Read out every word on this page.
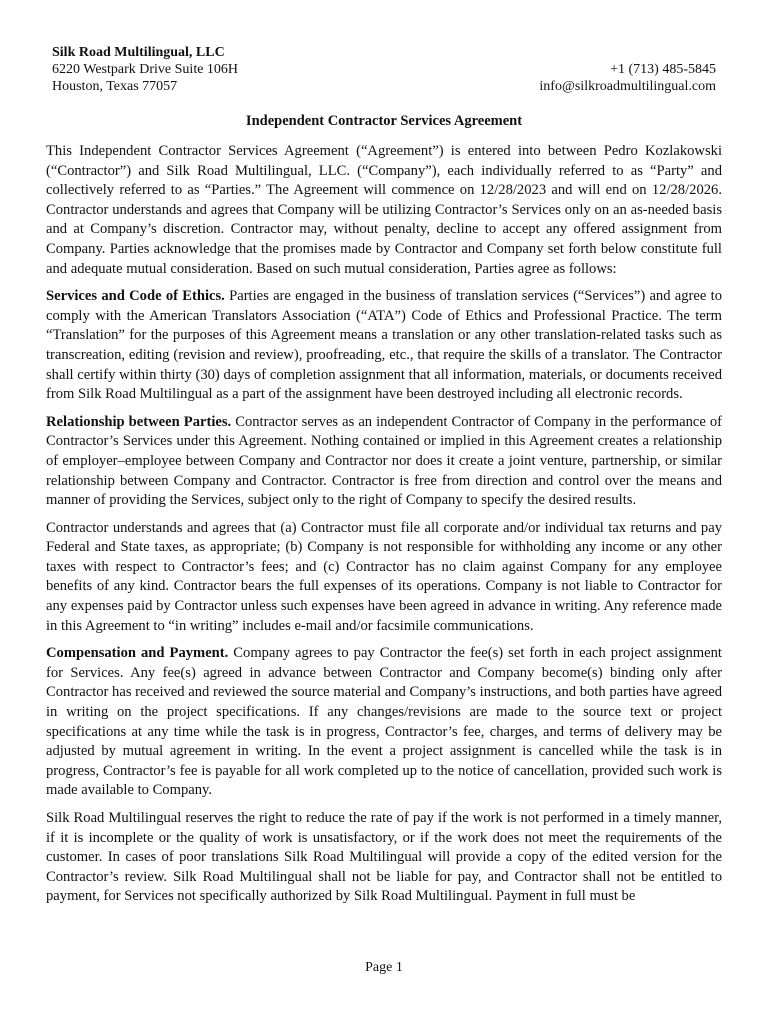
Silk Road Multilingual, LLC
6220 Westpark Drive Suite 106H	+1 (713) 485-5845
Houston, Texas 77057	info@silkroadmultilingual.com
Independent Contractor Services Agreement

This Independent Contractor Services Agreement (“Agreement”) is entered into between Pedro Kozlakowski (“Contractor”) and Silk Road Multilingual, LLC. (“Company”), each individually referred to as “Party” and collectively referred to as “Parties.” The Agreement will commence on 12/28/2023 and will end on 12/28/2026. Contractor understands and agrees that Company will be utilizing Contractor’s Services only on an as-needed basis and at Company’s discretion. Contractor may, without penalty, decline to accept any offered assignment from Company. Parties acknowledge that the promises made by Contractor and Company set forth below constitute full and adequate mutual consideration. Based on such mutual consideration, Parties agree as follows:

Services and Code of Ethics. Parties are engaged in the business of translation services (“Services”) and agree to comply with the American Translators Association (“ATA”) Code of Ethics and Professional Practice. The term “Translation” for the purposes of this Agreement means a translation or any other translation-related tasks such as transcreation, editing (revision and review), proofreading, etc., that require the skills of a translator. The Contractor shall certify within thirty (30) days of completion assignment that all information, materials, or documents received from Silk Road Multilingual as a part of the assignment have been destroyed including all electronic records.

Relationship between Parties. Contractor serves as an independent Contractor of Company in the performance of Contractor’s Services under this Agreement. Nothing contained or implied in this Agreement creates a relationship of employer–employee between Company and Contractor nor does it create a joint venture, partnership, or similar relationship between Company and Contractor. Contractor is free from direction and control over the means and manner of providing the Services, subject only to the right of Company to specify the desired results.

Contractor understands and agrees that (a) Contractor must file all corporate and/or individual tax returns and pay Federal and State taxes, as appropriate; (b) Company is not responsible for withholding any income or any other taxes with respect to Contractor’s fees; and (c) Contractor has no claim against Company for any employee benefits of any kind. Contractor bears the full expenses of its operations. Company is not liable to Contractor for any expenses paid by Contractor unless such expenses have been agreed in advance in writing. Any reference made in this Agreement to “in writing” includes e-mail and/or facsimile communications.

Compensation and Payment. Company agrees to pay Contractor the fee(s) set forth in each project assignment for Services. Any fee(s) agreed in advance between Contractor and Company become(s) binding only after Contractor has received and reviewed the source material and Company’s instructions, and both parties have agreed in writing on the project specifications. If any changes/revisions are made to the source text or project specifications at any time while the task is in progress, Contractor’s fee, charges, and terms of delivery may be adjusted by mutual agreement in writing. In the event a project assignment is cancelled while the task is in progress, Contractor’s fee is payable for all work completed up to the notice of cancellation, provided such work is made available to Company.

Silk Road Multilingual reserves the right to reduce the rate of pay if the work is not performed in a timely manner, if it is incomplete or the quality of work is unsatisfactory, or if the work does not meet the requirements of the customer. In cases of poor translations Silk Road Multilingual will provide a copy of the edited version for the Contractor’s review. Silk Road Multilingual shall not be liable for pay, and Contractor shall not be entitled to payment, for Services not specifically authorized by Silk Road Multilingual. Payment in full must be

Page 1
